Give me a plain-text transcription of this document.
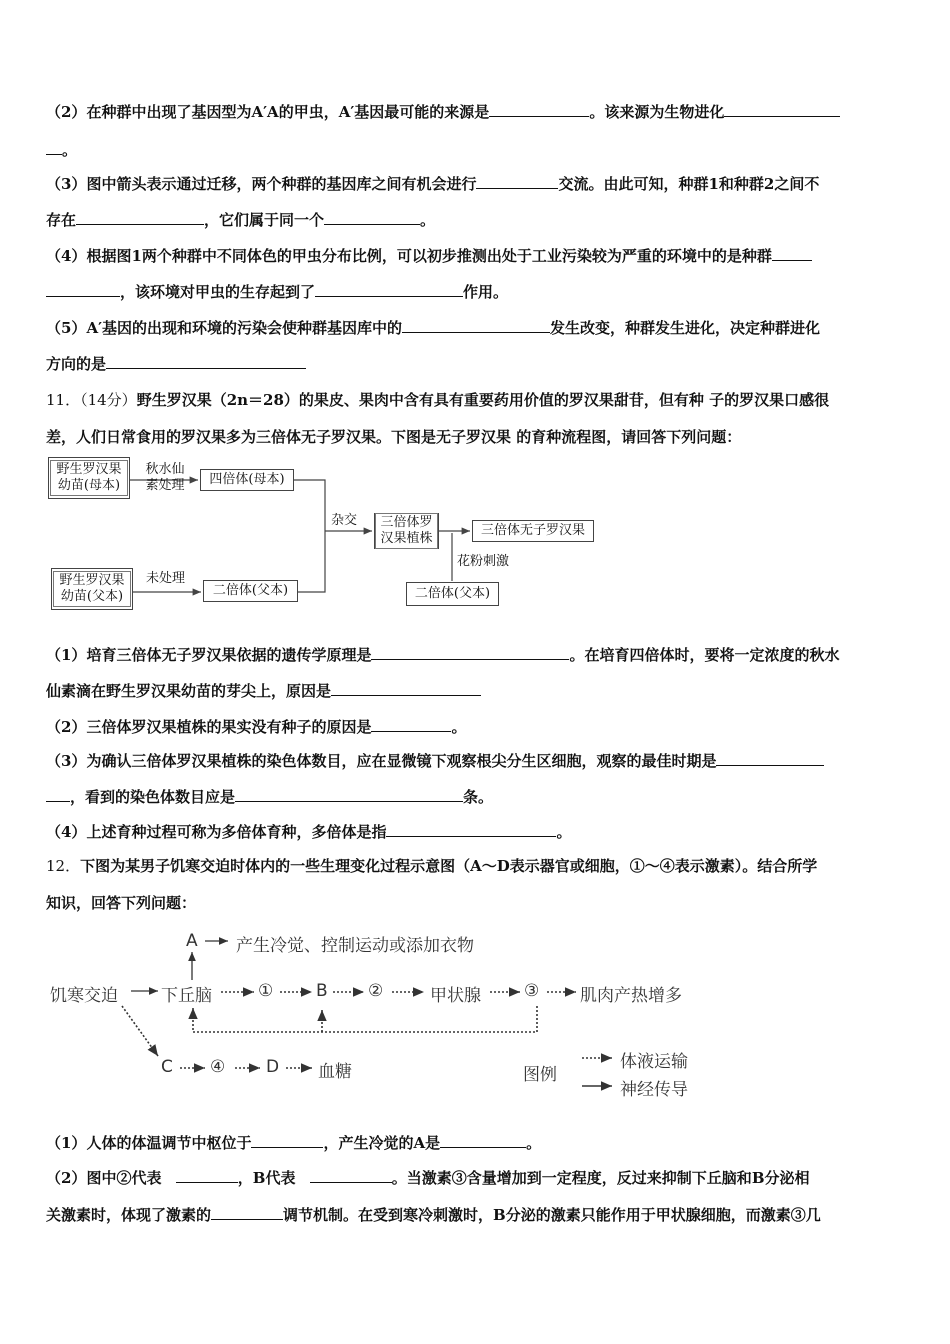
（2）在种群中出现了基因型为A′A的甲虫，A′基因最可能的来源是	。该来源为生物进化
。
（3）图中箭头表示通过迁移，两个种群的基因库之间有机会进行	交流。由此可知，种群1和种群2之间不
存在	，它们属于同一个	。
（4）根据图1两个种群中不同体色的甲虫分布比例，可以初步推测出处于工业污染较为严重的环境中的是种群
，该环境对甲虫的生存起到了	作用。
（5）A′基因的出现和环境的污染会使种群基因库中的	发生改变，种群发生进化，决定种群进化
方向的是
11．（14分）野生罗汉果（2n＝28）的果皮、果肉中含有具有重要药用价值的罗汉果甜苷，但有种 子的罗汉果口感很
差，人们日常食用的罗汉果多为三倍体无子罗汉果。下图是无子罗汉果 的育种流程图，请回答下列问题：
野生罗汉果幼苗(母本)
秋水仙素处理	四倍体(母本)
野生罗汉果幼苗(父本)
未处理
二倍体(父本)
杂交	三倍体罗汉果植株
三倍体无子罗汉果
花粉刺激
二倍体(父本)
（1）培育三倍体无子罗汉果依据的遗传学原理是	。在培育四倍体时，要将一定浓度的秋水
仙素滴在野生罗汉果幼苗的芽尖上，原因是
（2）三倍体罗汉果植株的果实没有种子的原因是	。
（3）为确认三倍体罗汉果植株的染色体数目，应在显微镜下观察根尖分生区细胞，观察的最佳时期是
，看到的染色体数目应是	条。
（4）上述育种过程可称为多倍体育种，多倍体是指	。
12．下图为某男子饥寒交迫时体内的一些生理变化过程示意图（A～D表示器官或细胞，①～④表示激素）。结合所学
知识，回答下列问题：
A 产生冷觉、控制运动或添加衣物
饥寒交迫	下丘脑	①	B ②	甲状腺	③ 肌肉产热增多
C ④ D 血糖	图例
体液运输
神经传导
（1）人体的体温调节中枢位于	，产生冷觉的A是	。
（2）图中②代表	，B代表	。当激素③含量增加到一定程度，反过来抑制下丘脑和B分泌相
关激素时，体现了激素的	调节机制。在受到寒冷刺激时，B分泌的激素只能作用于甲状腺细胞，而激素③几
